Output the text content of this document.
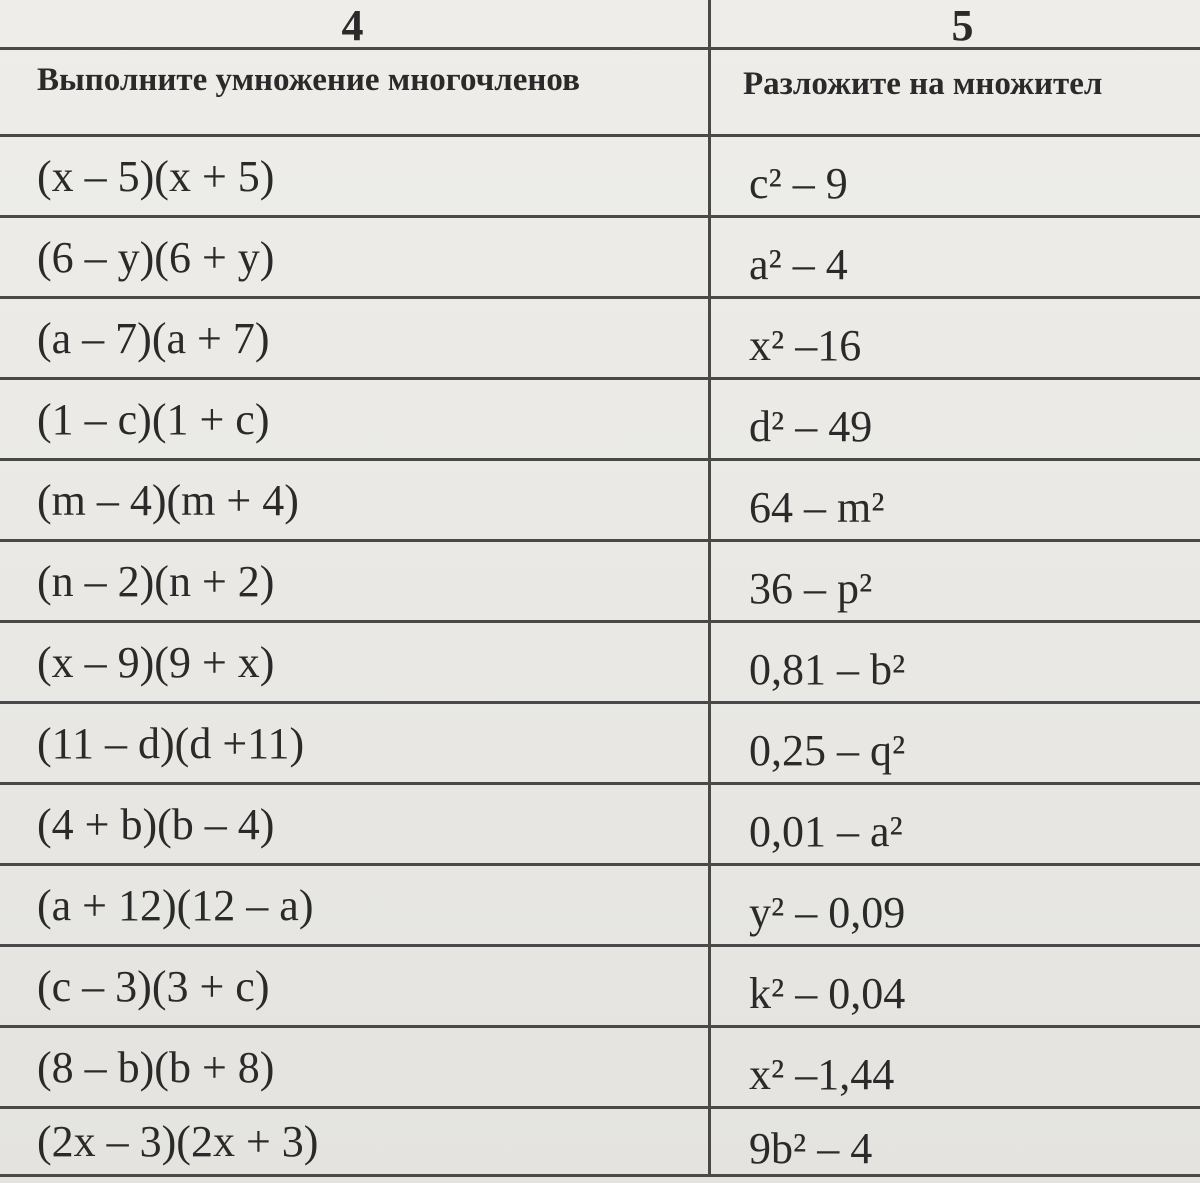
4	5

Выполните умножение многочленов	Разложите на множител

(x – 5)(x + 5)	c² – 9

(6 – y)(6 + y)	a² – 4

(a – 7)(a + 7)	x² –16

(1 – c)(1 + c)	d² – 49

(m – 4)(m + 4)	64 – m²

(n – 2)(n + 2)	36 – p²

(x – 9)(9 + x)	0,81 – b²

(11 – d)(d +11)	0,25 – q²

(4 + b)(b – 4)	0,01 – a²

(a + 12)(12 – a)	y² – 0,09

(c – 3)(3 + c)	k² – 0,04

(8 – b)(b + 8)	x² –1,44

(2x – 3)(2x + 3)	9b² – 4
